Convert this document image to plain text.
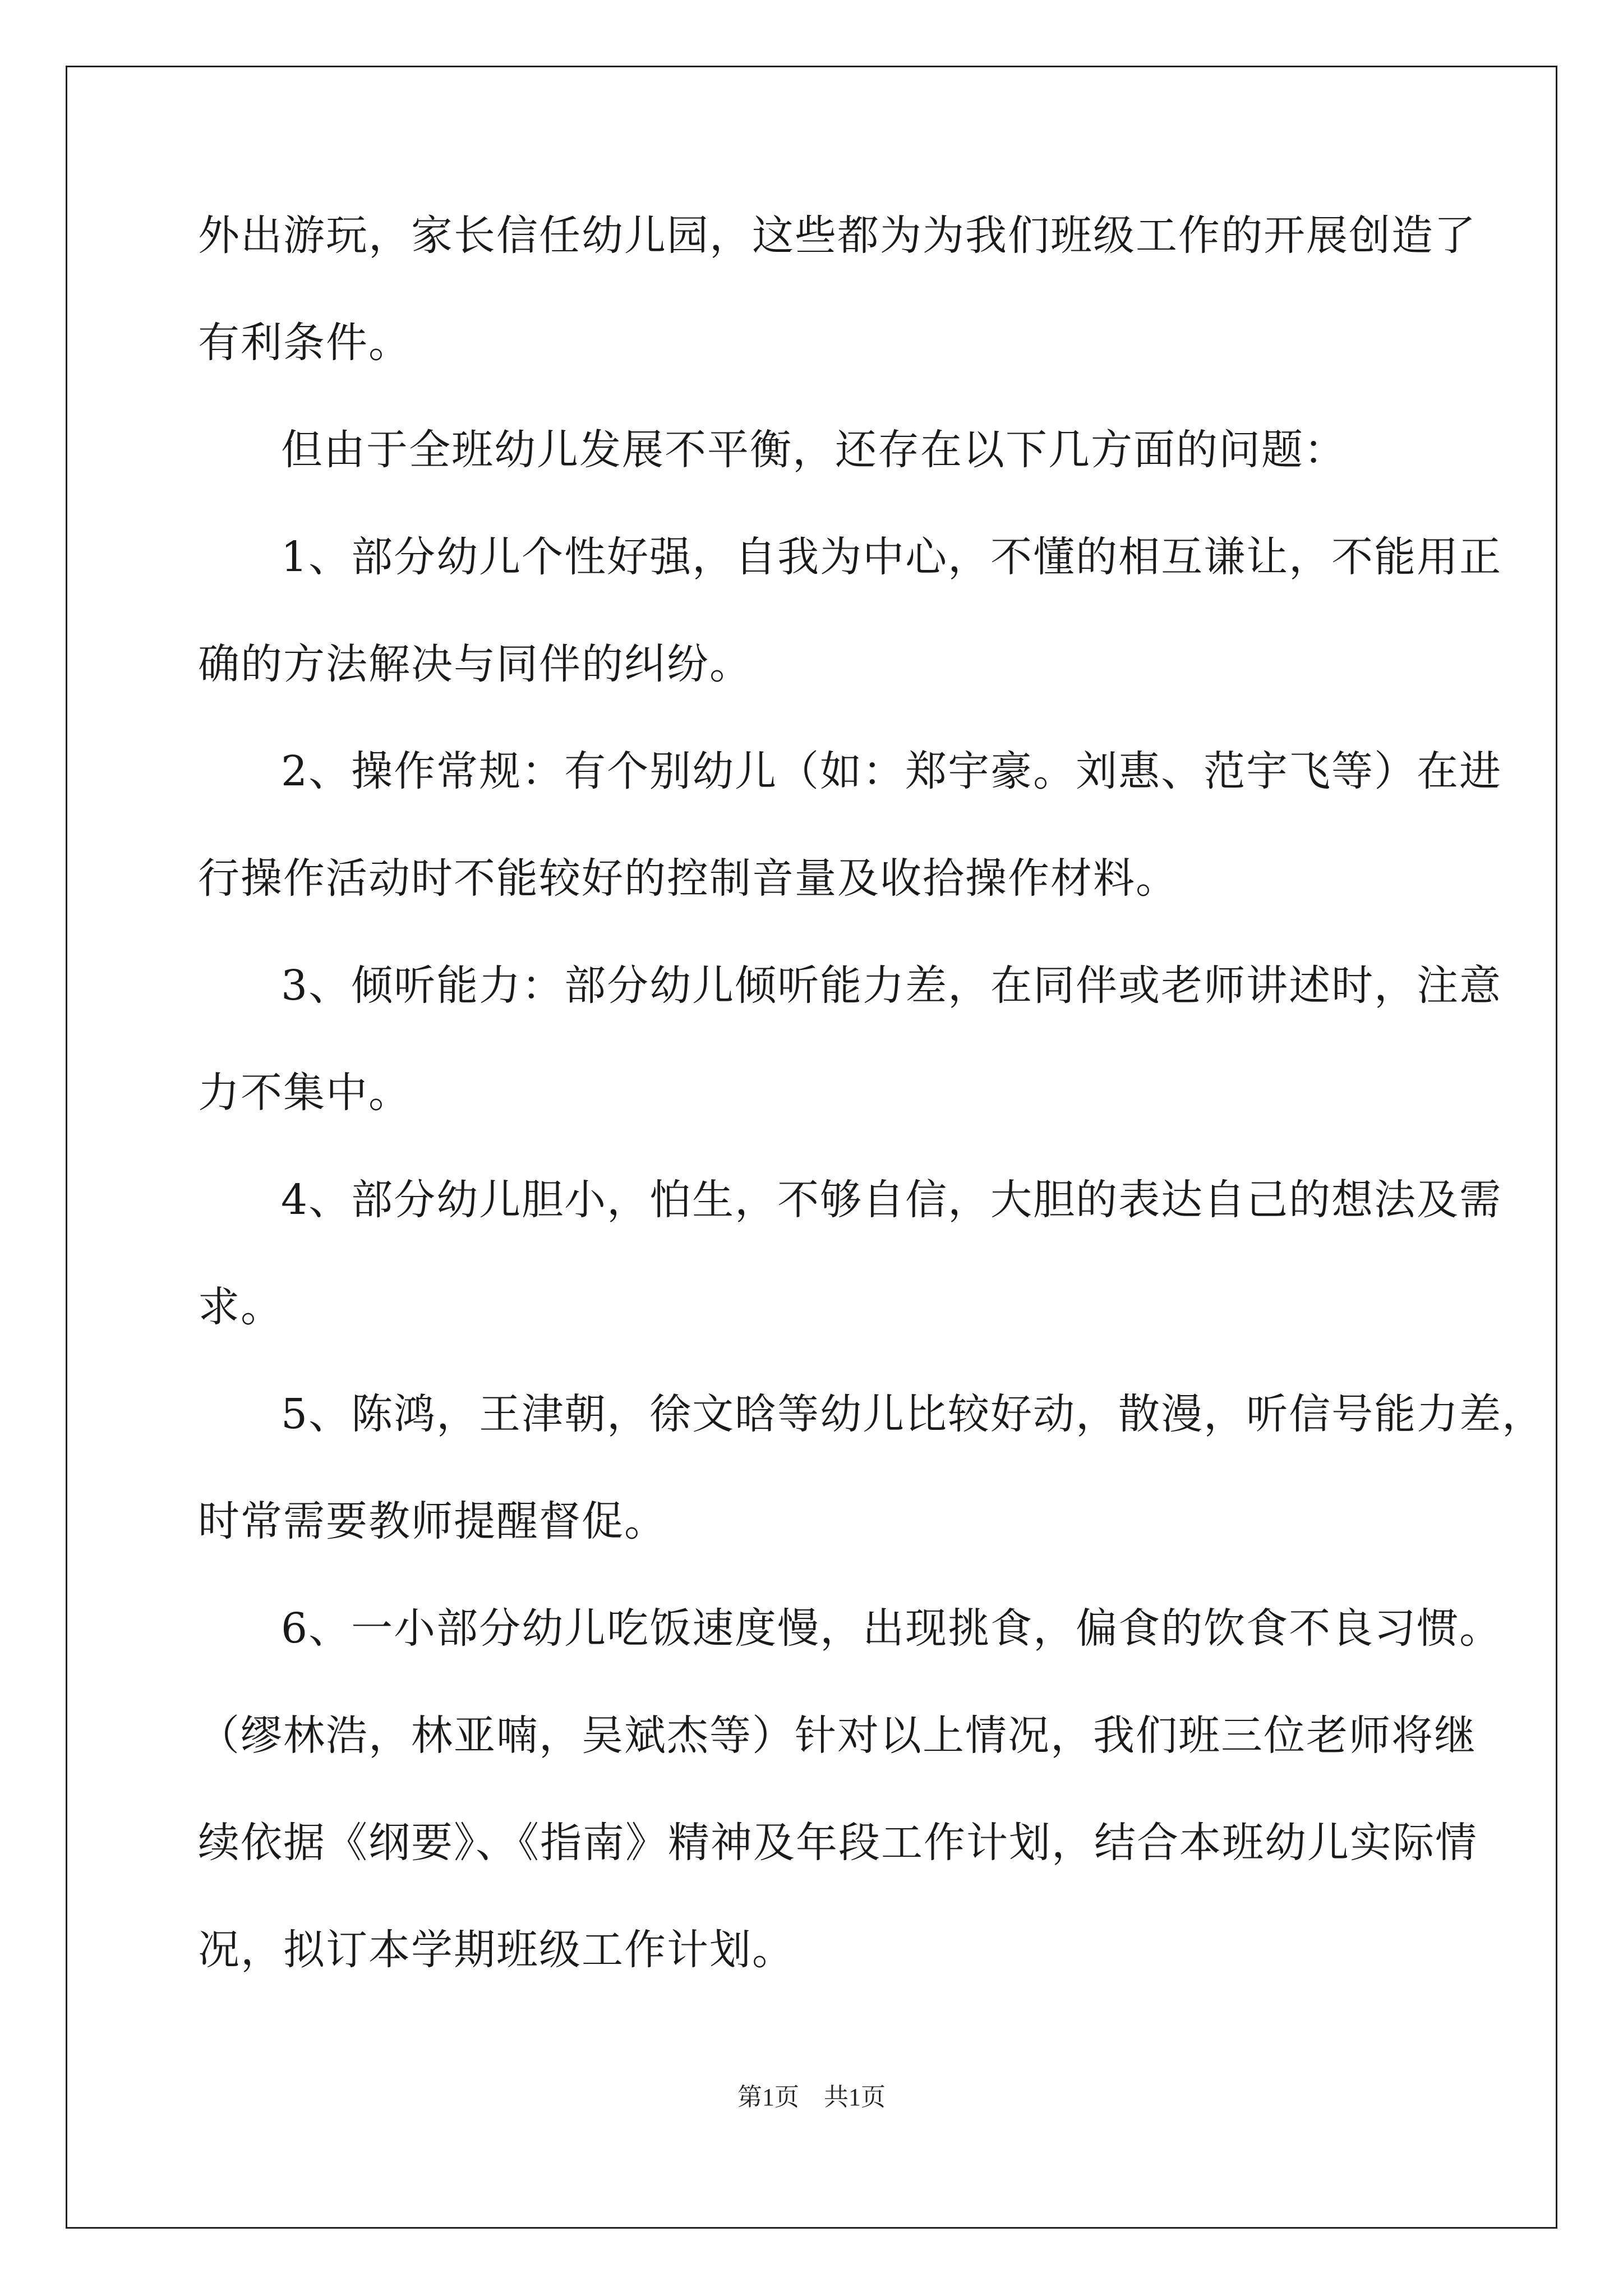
外出游玩，家长信任幼儿园，这些都为为我们班级工作的开展创造了
有利条件。
但由于全班幼儿发展不平衡，还存在以下几方面的问题：
1、部分幼儿个性好强，自我为中心，不懂的相互谦让，不能用正
确的方法解决与同伴的纠纷。
2、操作常规：有个别幼儿（如：郑宇豪。刘惠、范宇飞等）在进
行操作活动时不能较好的控制音量及收拾操作材料。
3、倾听能力：部分幼儿倾听能力差，在同伴或老师讲述时，注意
力不集中。
4、部分幼儿胆小，怕生，不够自信，大胆的表达自己的想法及需
求。
5、陈鸿，王津朝，徐文晗等幼儿比较好动，散漫，听信号能力差，
时常需要教师提醒督促。
6、一小部分幼儿吃饭速度慢，出现挑食，偏食的饮食不良习惯。
（缪林浩，林亚喃，吴斌杰等）针对以上情况，我们班三位老师将继
续依据《纲要》、《指南》精神及年段工作计划，结合本班幼儿实际情
况，拟订本学期班级工作计划。
第1页　共1页
